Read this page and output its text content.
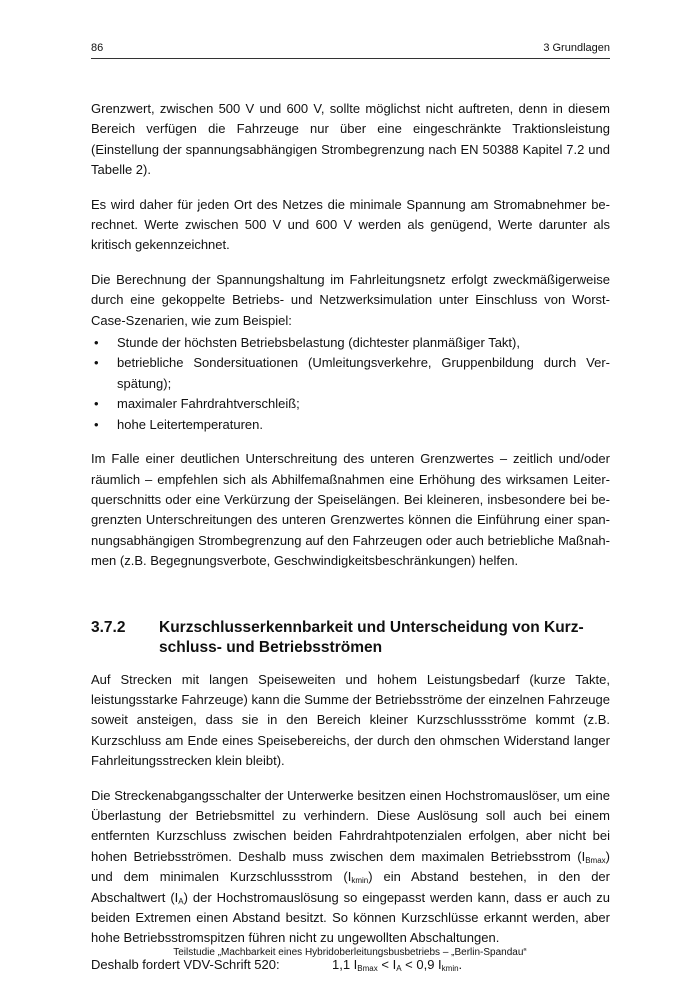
86	3 Grundlagen

Grenzwert, zwischen 500 V und 600 V, sollte möglichst nicht auftreten, denn in diesem Bereich verfügen die Fahrzeuge nur über eine eingeschränkte Traktionsleistung (Einstellung der spannungsabhängigen Strombegrenzung nach EN 50388 Kapitel 7.2 und Tabelle 2).

Es wird daher für jeden Ort des Netzes die minimale Spannung am Stromabnehmer berechnet. Werte zwischen 500 V und 600 V werden als genügend, Werte darunter als kritisch gekennzeichnet.

Die Berechnung der Spannungshaltung im Fahrleitungsnetz erfolgt zweckmäßigerweise durch eine gekoppelte Betriebs- und Netzwerksimulation unter Einschluss von Worst-Case-Szenarien, wie zum Beispiel:

• Stunde der höchsten Betriebsbelastung (dichtester planmäßiger Takt),
• betriebliche Sondersituationen (Umleitungsverkehre, Gruppenbildung durch Verspätung);
• maximaler Fahrdrahtverschleiß;
• hohe Leitertemperaturen.

Im Falle einer deutlichen Unterschreitung des unteren Grenzwertes – zeitlich und/oder räumlich – empfehlen sich als Abhilfemaßnahmen eine Erhöhung des wirksamen Leiterquerschnitts oder eine Verkürzung der Speiselängen. Bei kleineren, insbesondere bei begrenzten Unterschreitungen des unteren Grenzwertes können die Einführung einer spannungsabhängigen Strombegrenzung auf den Fahrzeugen oder auch betriebliche Maßnahmen (z.B. Begegnungsverbote, Geschwindigkeitsbeschränkungen) helfen.

3.7.2	Kurzschlusserkennbarkeit und Unterscheidung von Kurzschluss- und Betriebsströmen

Auf Strecken mit langen Speiseweiten und hohem Leistungsbedarf (kurze Takte, leistungsstarke Fahrzeuge) kann die Summe der Betriebsströme der einzelnen Fahrzeuge soweit ansteigen, dass sie in den Bereich kleiner Kurzschlussströme kommt (z.B. Kurzschluss am Ende eines Speisebereichs, der durch den ohmschen Widerstand langer Fahrleitungsstrecken klein bleibt).

Die Streckenabgangsschalter der Unterwerke besitzen einen Hochstromauslöser, um eine Überlastung der Betriebsmittel zu verhindern. Diese Auslösung soll auch bei einem entfernten Kurzschluss zwischen beiden Fahrdrahtpotenzialen erfolgen, aber nicht bei hohen Betriebsströmen. Deshalb muss zwischen dem maximalen Betriebsstrom $(I_{Bmax})$ und dem minimalen Kurzschlussstrom $(I_{kmin})$ ein Abstand bestehen, in den der Abschaltwert $(I_A)$ der Hochstromauslösung so eingepasst werden kann, dass er auch zu beiden Extremen einen Abstand besitzt. So können Kurzschlüsse erkannt werden, aber hohe Betriebsstromspitzen führen nicht zu ungewollten Abschaltungen.

Deshalb fordert VDV-Schrift 520:	1,1 $I_{Bmax} < I_A < 0,9$ $I_{kmin}$.
Teilstudie „Machbarkeit eines Hybridoberleitungsbusbetriebs – „Berlin-Spandau“
